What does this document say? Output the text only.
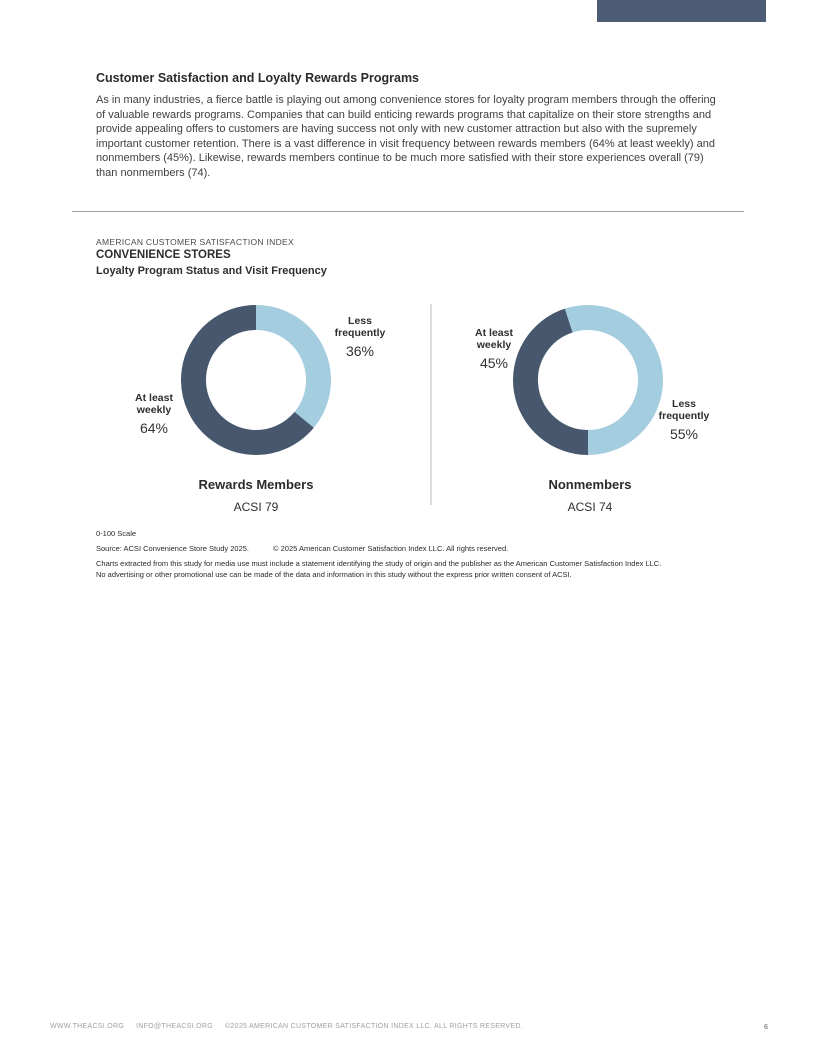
Customer Satisfaction and Loyalty Rewards Programs
As in many industries, a fierce battle is playing out among convenience stores for loyalty program members through the offering of valuable rewards programs. Companies that can build enticing rewards programs that capitalize on their store strengths and provide appealing offers to customers are having success not only with new customer attraction but also with the supremely important customer retention. There is a vast difference in visit frequency between rewards members (64% at least weekly) and nonmembers (45%). Likewise, rewards members continue to be much more satisfied with their store experiences overall (79) than nonmembers (74).
AMERICAN CUSTOMER SATISFACTION INDEX
CONVENIENCE STORES
Loyalty Program Status and Visit Frequency
Less
frequently
36%
At least
weekly
64%
At least
weekly
45%
Less
frequently
55%
Rewards Members
ACSI 79
Nonmembers
ACSI 74
0-100 Scale
Source: ACSI Convenience Store Study 2025.	© 2025 American Customer Satisfaction Index LLC. All rights reserved.
Charts extracted from this study for media use must include a statement identifying the study of origin and the publisher as the American Customer Satisfaction Index LLC.
No advertising or other promotional use can be made of the data and information in this study without the express prior written consent of ACSI.
WWW.THEACSI.ORG INFO@THEACSI.ORG ©2025 AMERICAN CUSTOMER SATISFACTION INDEX LLC. ALL RIGHTS RESERVED.	6
